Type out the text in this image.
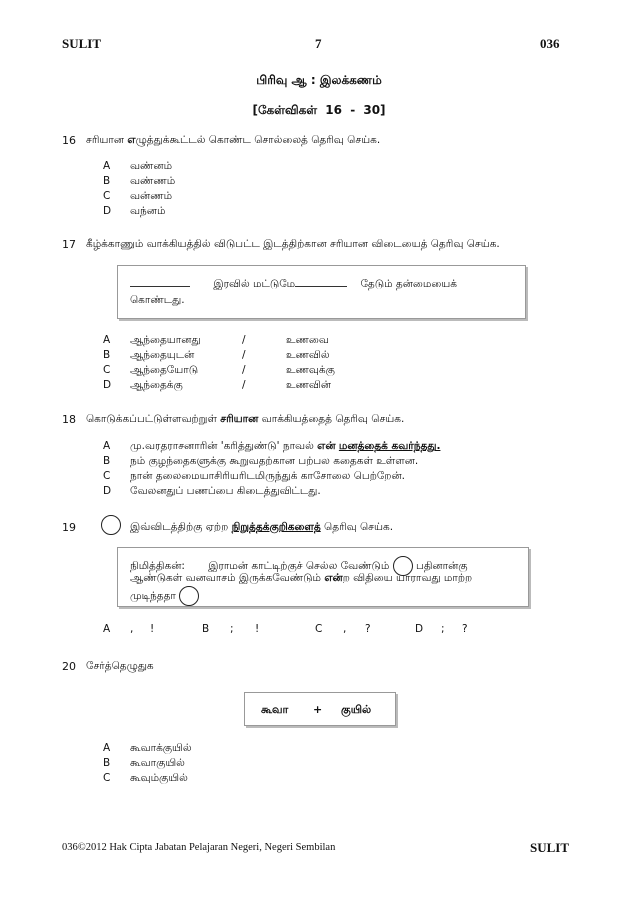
SULIT	7	036
பிரிவு ஆ : இலக்கணம்
[கேள்விகள் 16 - 30]
16 சரியான எழுத்துக்கூட்டல் கொண்ட சொல்லைத் தெரிவு செய்க.
A வண்னம்
B வண்ணம்
C வன்ணம்
D வந்னம்
17 கீழ்க்காணும் வாக்கியத்தில் விடுபட்ட இடத்திற்கான சரியான விடையைத் தெரிவு செய்க.
இரவில் மட்டுமே	தேடும் தன்மையைக்
கொண்டது.
A ஆந்தையானது	/	உணவை
B ஆந்தையுடன்	/	உணவில்
C ஆந்தையோடு	/	உணவுக்கு
D ஆந்தைக்கு	/	உணவின்
18 கொடுக்கப்பட்டுள்ளவற்றுள் சரியான வாக்கியத்தைத் தெரிவு செய்க.
A மு.வரதராசனாரின் 'கரித்துண்டு' நாவல் என் மனத்தைக் கவர்ந்தது.
B நம் குழந்தைகளுக்கு கூறுவதற்கான பற்பல கதைகள் உள்ளன.
C நான் தலைமையாசிரியரிடமிருந்துக் காசோலை பெற்றேன்.
D வேலனதுப் பணப்பை கிடைத்துவிட்டது.
19	இவ்விடத்திற்கு ஏற்ற நிறுத்தக்குறிகளைத் தெரிவு செய்க.
நிமித்திகன்: இராமன் காட்டிற்குச் செல்ல வேண்டும்	பதினான்கு
ஆண்டுகள் வனவாசம் இருக்கவேண்டும் என்ற விதியை யாராவது மாற்ற
முடிந்ததா
A , !	B ; !	C , ?	D ; ?
20 சேர்த்தெழுதுக
கூவா + குயில்
A கூவாக்குயில்
B கூவாகுயில்
C கூவும்குயில்
036©2012 Hak Cipta Jabatan Pelajaran Negeri, Negeri Sembilan	SULIT
